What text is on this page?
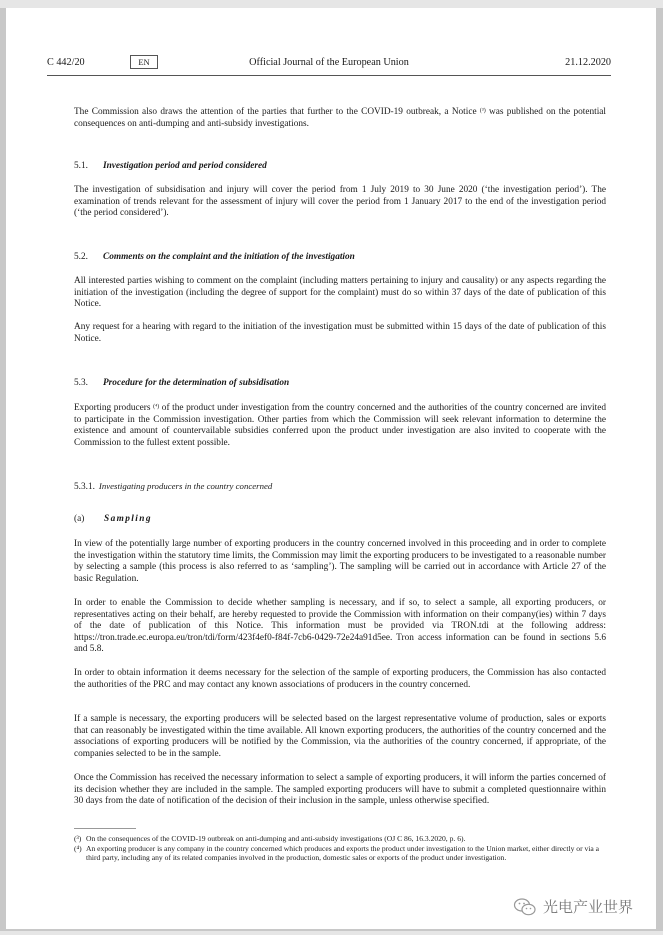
C 442/20	EN	Official Journal of the European Union	21.12.2020

The Commission also draws the attention of the parties that further to the COVID-19 outbreak, a Notice $^{(^3)}$ was published on the potential consequences on anti-dumping and anti-subsidy investigations.

5.1. Investigation period and period considered

The investigation of subsidisation and injury will cover the period from 1 July 2019 to 30 June 2020 (‘the investigation period’). The examination of trends relevant for the assessment of injury will cover the period from 1 January 2017 to the end of the investigation period (‘the period considered’).

5.2. Comments on the complaint and the initiation of the investigation

All interested parties wishing to comment on the complaint (including matters pertaining to injury and causality) or any aspects regarding the initiation of the investigation (including the degree of support for the complaint) must do so within 37 days of the date of publication of this Notice.

Any request for a hearing with regard to the initiation of the investigation must be submitted within 15 days of the date of publication of this Notice.

5.3. Procedure for the determination of subsidisation

Exporting producers $^{(^4)}$ of the product under investigation from the country concerned and the authorities of the country concerned are invited to participate in the Commission investigation. Other parties from which the Commission will seek relevant information to determine the existence and amount of countervailable subsidies conferred upon the product under investigation are also invited to cooperate with the Commission to the fullest extent possible.

5.3.1. Investigating producers in the country concerned
(a) Sampling

In view of the potentially large number of exporting producers in the country concerned involved in this proceeding and in order to complete the investigation within the statutory time limits, the Commission may limit the exporting producers to be investigated to a reasonable number by selecting a sample (this process is also referred to as ‘sampling’). The sampling will be carried out in accordance with Article 27 of the basic Regulation.

In order to enable the Commission to decide whether sampling is necessary, and if so, to select a sample, all exporting producers, or representatives acting on their behalf, are hereby requested to provide the Commission with information on their company(ies) within 7 days of the date of publication of this Notice. This information must be provided via TRON.tdi at the following address: https://tron.trade.ec.europa.eu/tron/tdi/form/423f4ef0-f84f-7cb6-0429-72e24a91d5ee. Tron access information can be found in sections 5.6 and 5.8.

In order to obtain information it deems necessary for the selection of the sample of exporting producers, the Commission has also contacted the authorities of the PRC and may contact any known associations of producers in the country concerned.

If a sample is necessary, the exporting producers will be selected based on the largest representative volume of production, sales or exports that can reasonably be investigated within the time available. All known exporting producers, the authorities of the country concerned and the associations of exporting producers will be notified by the Commission, via the authorities of the country concerned, if appropriate, of the companies selected to be in the sample.

Once the Commission has received the necessary information to select a sample of exporting producers, it will inform the parties concerned of its decision whether they are included in the sample. The sampled exporting producers will have to submit a completed questionnaire within 30 days from the date of notification of the decision of their inclusion in the sample, unless otherwise specified.

(³) On the consequences of the COVID-19 outbreak on anti-dumping and anti-subsidy investigations (OJ C 86, 16.3.2020, p. 6).

(⁴) An exporting producer is any company in the country concerned which produces and exports the product under investigation to the Union market, either directly or via a third party, including any of its related companies involved in the production, domestic sales or exports of the product under investigation.

光电产业世界
